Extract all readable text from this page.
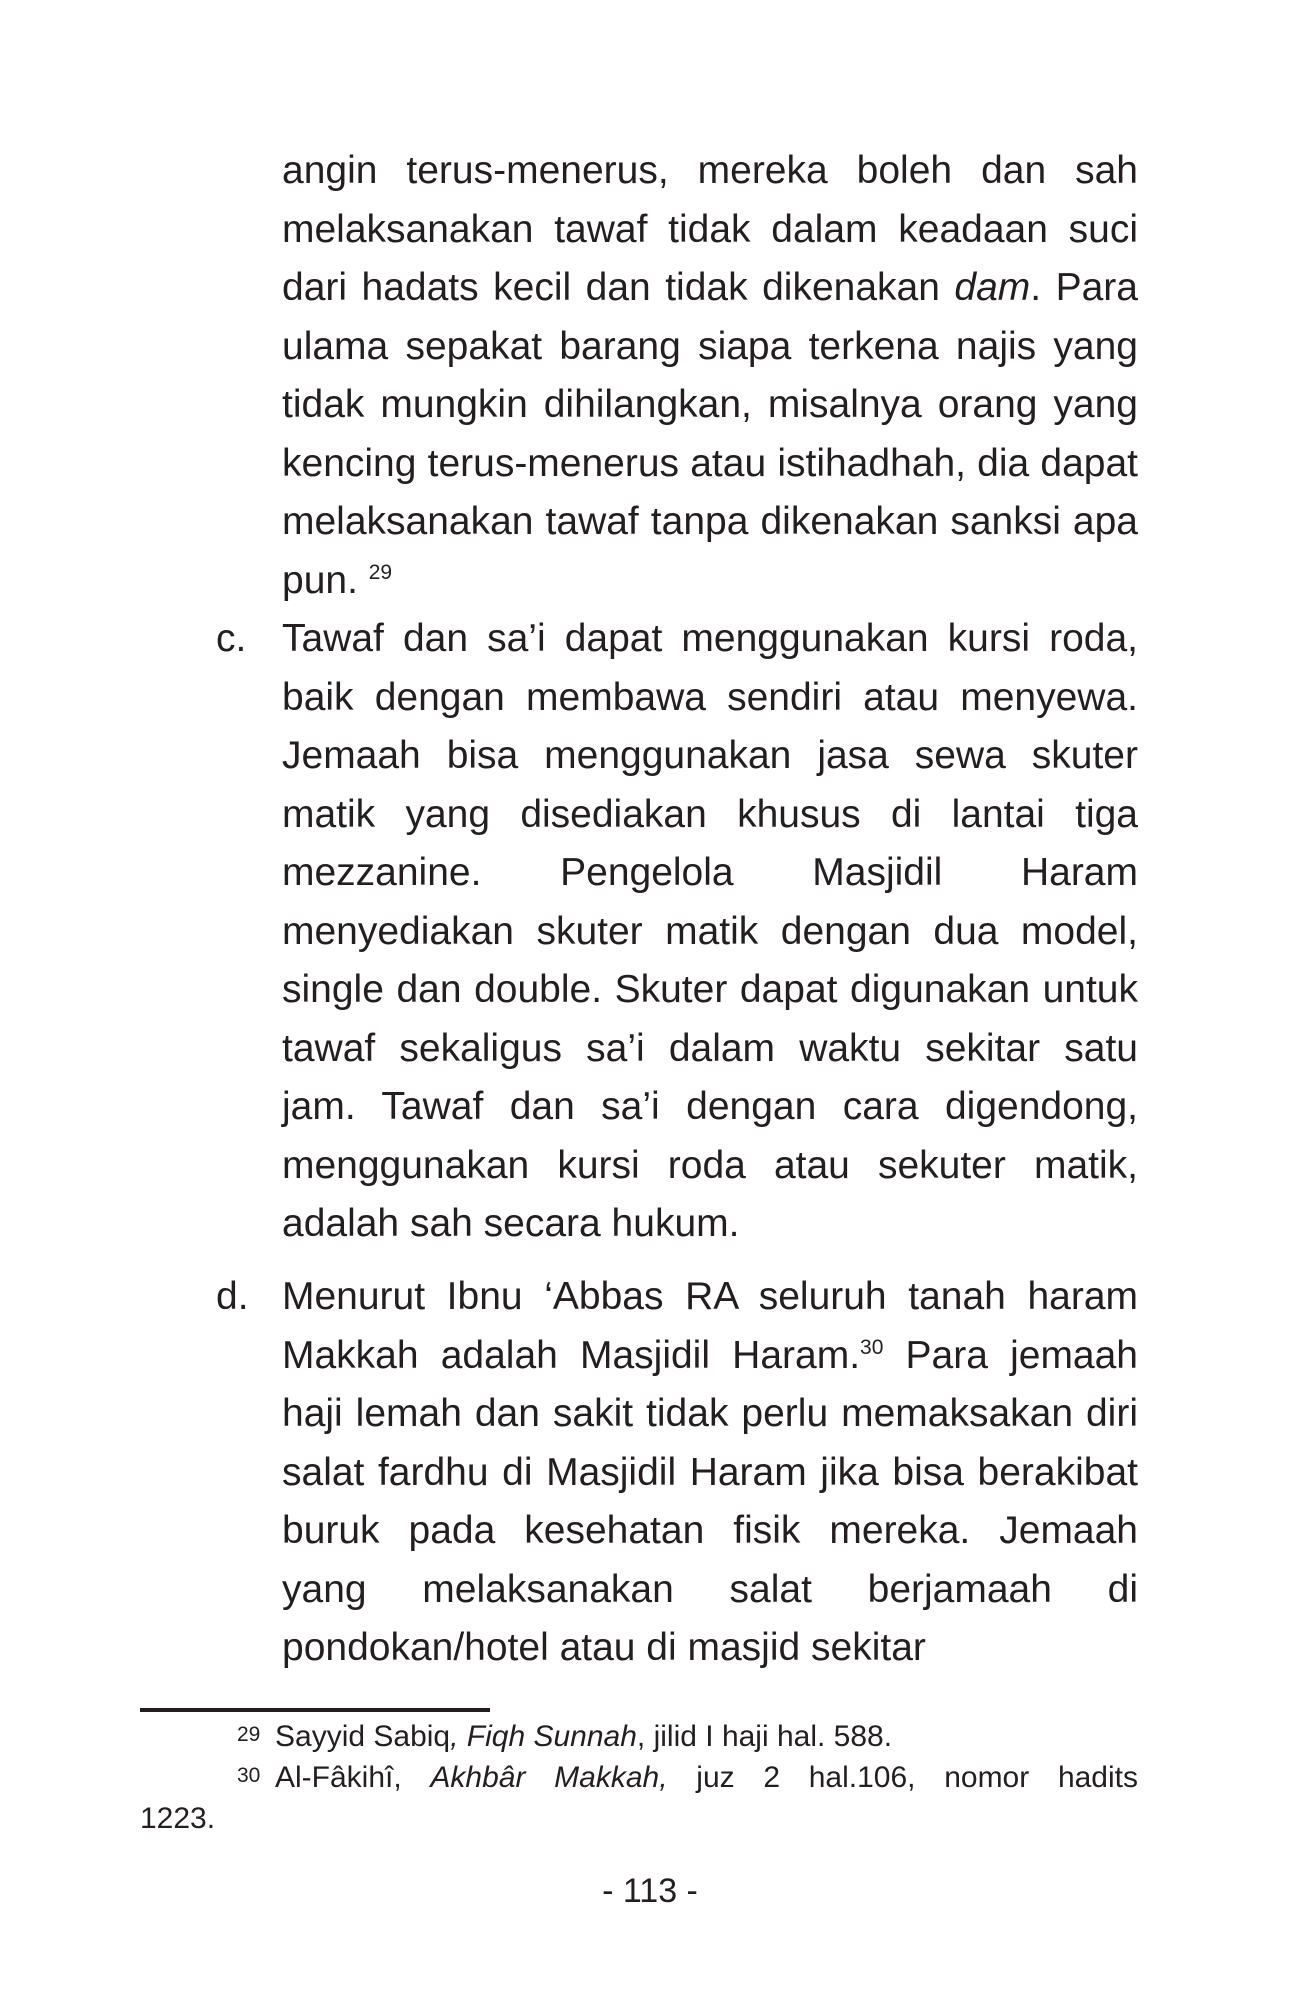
angin terus-menerus, mereka boleh dan sah melaksanakan tawaf tidak dalam keadaan suci dari hadats kecil dan tidak dikenakan dam. Para ulama sepakat barang siapa terkena najis yang tidak mungkin dihilangkan, misalnya orang yang kencing terus-menerus atau istihadhah, dia dapat melaksanakan tawaf tanpa dikenakan sanksi apa pun. $^{29}$

c. Tawaf dan sa’i dapat menggunakan kursi roda, baik dengan membawa sendiri atau menyewa. Jemaah bisa menggunakan jasa sewa skuter matik yang disediakan khusus di lantai tiga mezzanine. Pengelola Masjidil Haram menyediakan skuter matik dengan dua model, single dan double. Skuter dapat digunakan untuk tawaf sekaligus sa’i dalam waktu sekitar satu jam. Tawaf dan sa’i dengan cara digendong, menggunakan kursi roda atau sekuter matik, adalah sah secara hukum.
d. Menurut Ibnu ‘Abbas RA seluruh tanah haram Makkah adalah Masjidil Haram.$^{30}$ Para jemaah haji lemah dan sakit tidak perlu memaksakan diri salat fardhu di Masjidil Haram jika bisa berakibat buruk pada kesehatan fisik mereka. Jemaah yang melaksanakan salat berjamaah di pondokan/hotel atau di masjid sekitar
29 Sayyid Sabiq, Fiqh Sunnah, jilid I haji hal. 588.
30 Al-Fâkihî, Akhbâr Makkah, juz 2 hal.106, nomor hadits
1223.
- 113 -
